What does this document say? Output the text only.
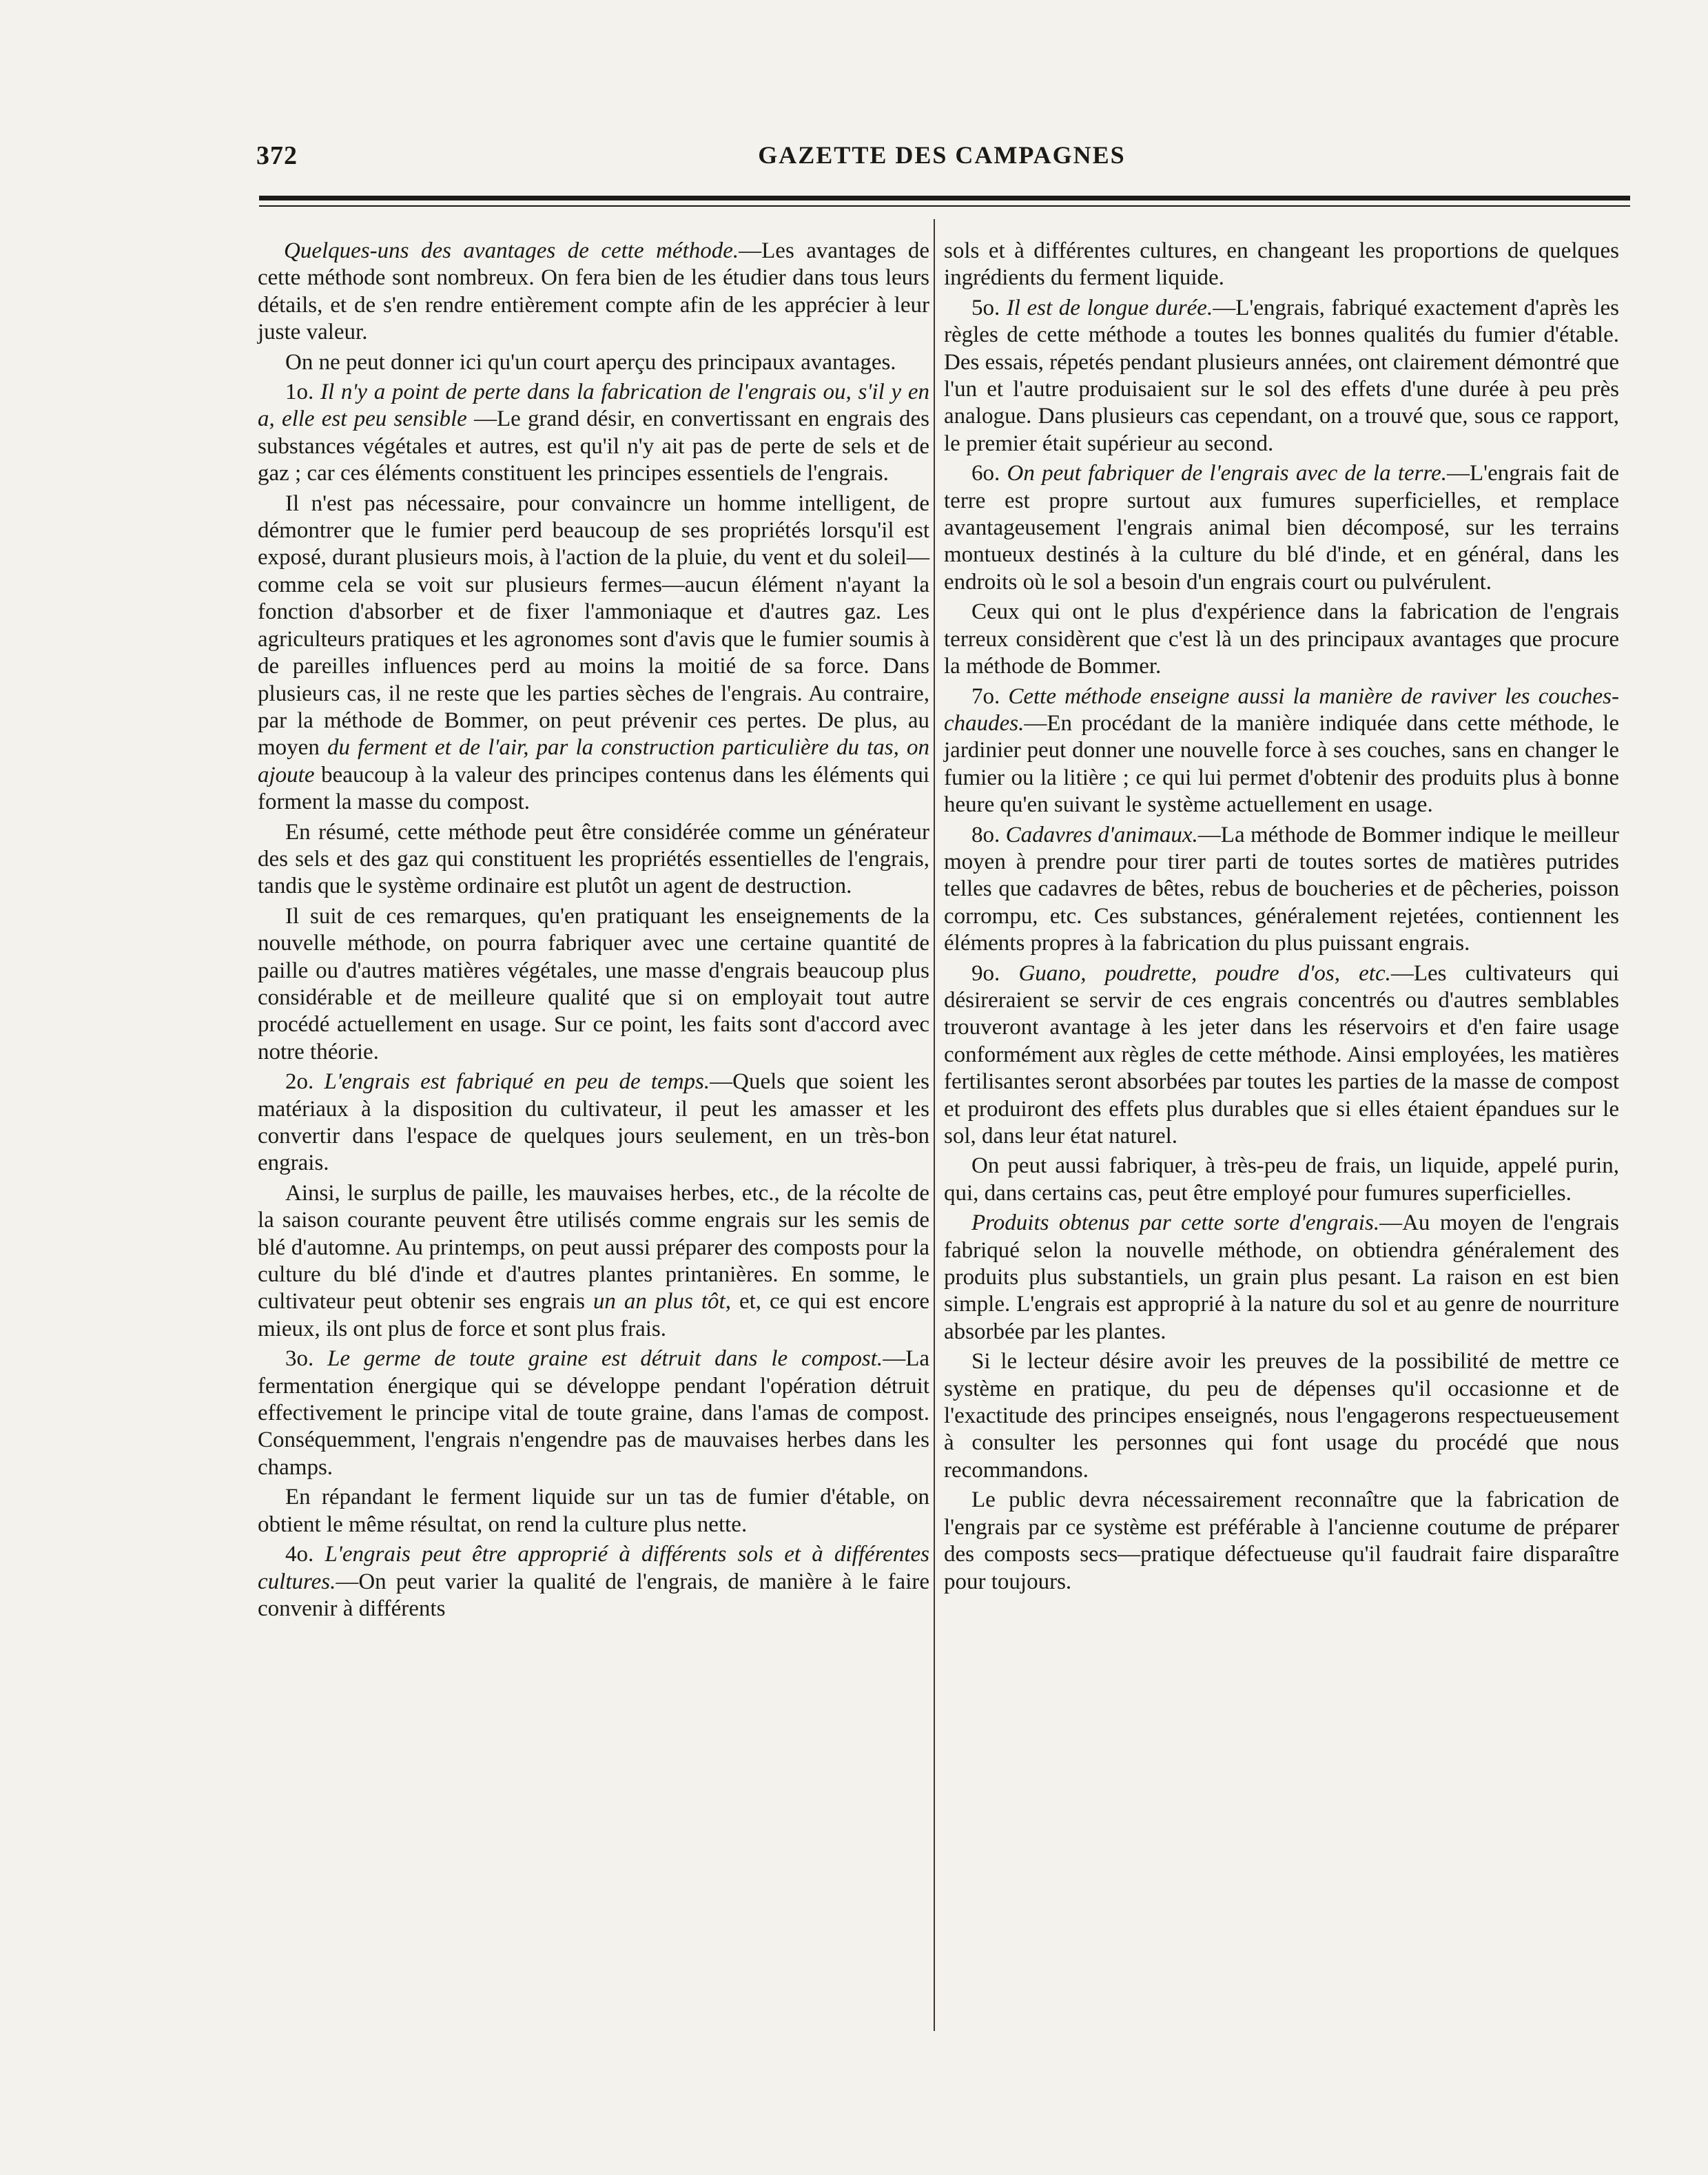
372	GAZETTE DES CAMPAGNES

Quelques-uns des avantages de cette méthode.—Les avantages de cette méthode sont nombreux. On fera bien de les étudier dans tous leurs détails, et de s'en rendre entièrement compte afin de les apprécier à leur juste valeur.

On ne peut donner ici qu'un court aperçu des principaux avantages.

1o. Il n'y a point de perte dans la fabrication de l'engrais ou, s'il y en a, elle est peu sensible —Le grand désir, en convertissant en engrais des substances végétales et autres, est qu'il n'y ait pas de perte de sels et de gaz ; car ces éléments constituent les principes essentiels de l'engrais.

Il n'est pas nécessaire, pour convaincre un homme intelligent, de démontrer que le fumier perd beaucoup de ses propriétés lorsqu'il est exposé, durant plusieurs mois, à l'action de la pluie, du vent et du soleil—comme cela se voit sur plusieurs fermes—aucun élément n'ayant la fonction d'absorber et de fixer l'ammoniaque et d'autres gaz. Les agriculteurs pratiques et les agronomes sont d'avis que le fumier soumis à de pareilles influences perd au moins la moitié de sa force. Dans plusieurs cas, il ne reste que les parties sèches de l'engrais. Au contraire, par la méthode de Bommer, on peut prévenir ces pertes. De plus, au moyen du ferment et de l'air, par la construction particulière du tas, on ajoute beaucoup à la valeur des principes contenus dans les éléments qui forment la masse du compost.

En résumé, cette méthode peut être considérée comme un générateur des sels et des gaz qui constituent les propriétés essentielles de l'engrais, tandis que le système ordinaire est plutôt un agent de destruction.

Il suit de ces remarques, qu'en pratiquant les enseignements de la nouvelle méthode, on pourra fabriquer avec une certaine quantité de paille ou d'autres matières végétales, une masse d'engrais beaucoup plus considérable et de meilleure qualité que si on employait tout autre procédé actuellement en usage. Sur ce point, les faits sont d'accord avec notre théorie.

2o. L'engrais est fabriqué en peu de temps.—Quels que soient les matériaux à la disposition du cultivateur, il peut les amasser et les convertir dans l'espace de quelques jours seulement, en un très-bon engrais.

Ainsi, le surplus de paille, les mauvaises herbes, etc., de la récolte de la saison courante peuvent être utilisés comme engrais sur les semis de blé d'automne. Au printemps, on peut aussi préparer des composts pour la culture du blé d'inde et d'autres plantes printanières. En somme, le cultivateur peut obtenir ses engrais un an plus tôt, et, ce qui est encore mieux, ils ont plus de force et sont plus frais.

3o. Le germe de toute graine est détruit dans le compost.—La fermentation énergique qui se développe pendant l'opération détruit effectivement le principe vital de toute graine, dans l'amas de compost. Conséquemment, l'engrais n'engendre pas de mauvaises herbes dans les champs.

En répandant le ferment liquide sur un tas de fumier d'étable, on obtient le même résultat, on rend la culture plus nette.

4o. L'engrais peut être approprié à différents sols et à différentes cultures.—On peut varier la qualité de l'engrais, de manière à le faire convenir à différents

sols et à différentes cultures, en changeant les proportions de quelques ingrédients du ferment liquide.

5o. Il est de longue durée.—L'engrais, fabriqué exactement d'après les règles de cette méthode a toutes les bonnes qualités du fumier d'étable. Des essais, répetés pendant plusieurs années, ont clairement démontré que l'un et l'autre produisaient sur le sol des effets d'une durée à peu près analogue. Dans plusieurs cas cependant, on a trouvé que, sous ce rapport, le premier était supérieur au second.

6o. On peut fabriquer de l'engrais avec de la terre.—L'engrais fait de terre est propre surtout aux fumures superficielles, et remplace avantageusement l'engrais animal bien décomposé, sur les terrains montueux destinés à la culture du blé d'inde, et en général, dans les endroits où le sol a besoin d'un engrais court ou pulvérulent.

Ceux qui ont le plus d'expérience dans la fabrication de l'engrais terreux considèrent que c'est là un des principaux avantages que procure la méthode de Bommer.

7o. Cette méthode enseigne aussi la manière de raviver les couches-chaudes.—En procédant de la manière indiquée dans cette méthode, le jardinier peut donner une nouvelle force à ses couches, sans en changer le fumier ou la litière ; ce qui lui permet d'obtenir des produits plus à bonne heure qu'en suivant le système actuellement en usage.

8o. Cadavres d'animaux.—La méthode de Bommer indique le meilleur moyen à prendre pour tirer parti de toutes sortes de matières putrides telles que cadavres de bêtes, rebus de boucheries et de pêcheries, poisson corrompu, etc. Ces substances, généralement rejetées, contiennent les éléments propres à la fabrication du plus puissant engrais.

9o. Guano, poudrette, poudre d'os, etc.—Les cultivateurs qui désireraient se servir de ces engrais concentrés ou d'autres semblables trouveront avantage à les jeter dans les réservoirs et d'en faire usage conformément aux règles de cette méthode. Ainsi employées, les matières fertilisantes seront absorbées par toutes les parties de la masse de compost et produiront des effets plus durables que si elles étaient épandues sur le sol, dans leur état naturel.

On peut aussi fabriquer, à très-peu de frais, un liquide, appelé purin, qui, dans certains cas, peut être employé pour fumures superficielles.

Produits obtenus par cette sorte d'engrais.—Au moyen de l'engrais fabriqué selon la nouvelle méthode, on obtiendra généralement des produits plus substantiels, un grain plus pesant. La raison en est bien simple. L'engrais est approprié à la nature du sol et au genre de nourriture absorbée par les plantes.

Si le lecteur désire avoir les preuves de la possibilité de mettre ce système en pratique, du peu de dépenses qu'il occasionne et de l'exactitude des principes enseignés, nous l'engagerons respectueusement à consulter les personnes qui font usage du procédé que nous recommandons.

Le public devra nécessairement reconnaître que la fabrication de l'engrais par ce système est préférable à l'ancienne coutume de préparer des composts secs—pratique défectueuse qu'il faudrait faire disparaître pour toujours.
